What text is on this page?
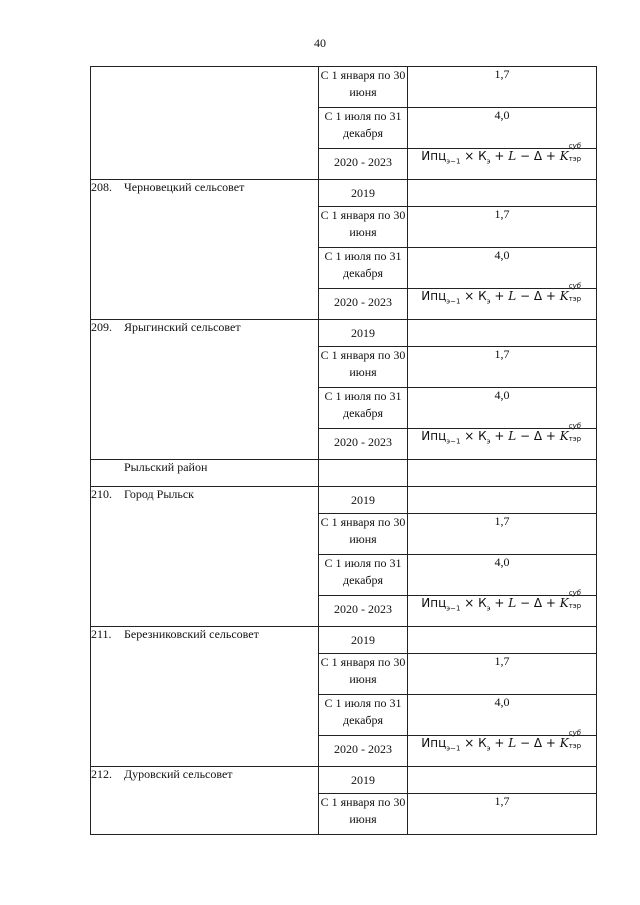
40
	С 1 января по 30 июня	1,7
	С 1 июля по 31 декабря	4,0
	2020 - 2023	$Ипц_{э-1} \times К_э + L - \Delta + K$
суб
тэр

208. Черновецкий сельсовет	2019	
	С 1 января по 30 июня	1,7
	С 1 июля по 31 декабря	4,0
	2020 - 2023	$Ипц_{э-1} \times К_э + L - \Delta + K$
суб
тэр

209. Ярыгинский сельсовет	2019	
	С 1 января по 30 июня	1,7
	С 1 июля по 31 декабря	4,0
	2020 - 2023	$Ипц_{э-1} \times К_э + L - \Delta + K$
суб
тэр

Рыльский район		
210. Город Рыльск	2019	
	С 1 января по 30 июня	1,7
	С 1 июля по 31 декабря	4,0
	2020 - 2023	$Ипц_{э-1} \times К_э + L - \Delta + K$
суб
тэр

211. Березниковский сельсовет	2019	
	С 1 января по 30 июня	1,7
	С 1 июля по 31 декабря	4,0
	2020 - 2023	$Ипц_{э-1} \times К_э + L - \Delta + K$
суб
тэр

212. Дуровский сельсовет	2019	
	С 1 января по 30 июня	1,7
